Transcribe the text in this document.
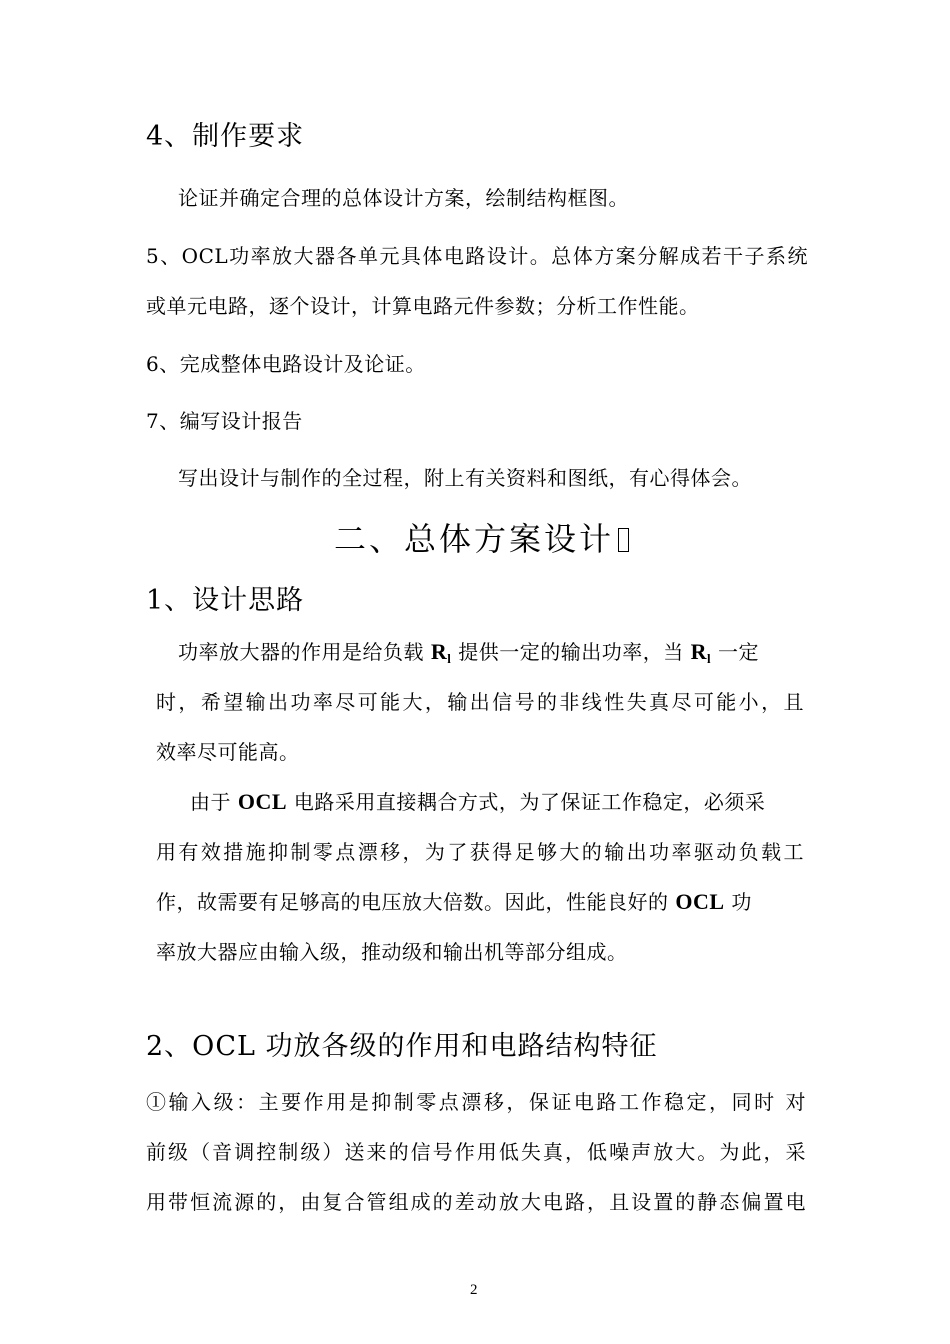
4、制作要求
论证并确定合理的总体设计方案，绘制结构框图。
5、OCL功率放大器各单元具体电路设计。总体方案分解成若干子系统
或单元电路，逐个设计，计算电路元件参数；分析工作性能。
6、完成整体电路设计及论证。
7、编写设计报告
写出设计与制作的全过程，附上有关资料和图纸，有心得体会。
二、总体方案设计
1、设计思路
功率放大器的作用是给负载 $R_l$ 提供一定的输出功率，当 $R_l$ 一定
时，希望输出功率尽可能大，输出信号的非线性失真尽可能小，且
效率尽可能高。
由于 OCL 电路采用直接耦合方式，为了保证工作稳定，必须采
用有效措施抑制零点漂移，为了获得足够大的输出功率驱动负载工
作，故需要有足够高的电压放大倍数。因此，性能良好的 OCL 功
率放大器应由输入级，推动级和输出机等部分组成。
2、OCL 功放各级的作用和电路结构特征
①输入级：主要作用是抑制零点漂移，保证电路工作稳定，同时 对
前级（音调控制级）送来的信号作用低失真，低噪声放大。为此，采
用带恒流源的，由复合管组成的差动放大电路，且设置的静态偏置电
2
